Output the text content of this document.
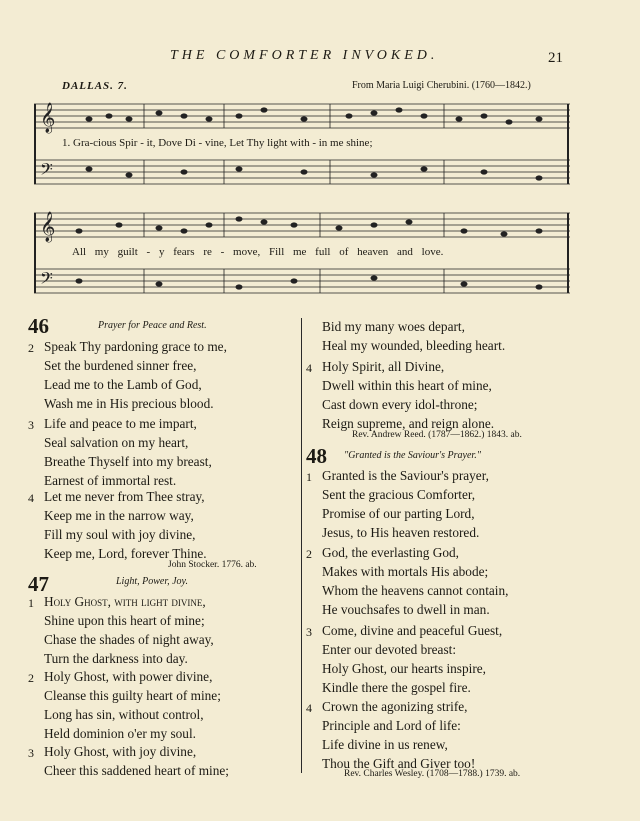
THE COMFORTER INVOKED.	21
DALLAS. 7.	From Maria Luigi Cherubini. (1760—1842.)
𝄞
𝄢
1. Gra-cious Spir - it, Dove Di - vine, Let Thy light with - in me shine;
𝄞
𝄢
All my guilt - y fears re - move, Fill me full of heaven and love.
46	Prayer for Peace and Rest.
2 Speak Thy pardoning grace to me,
Set the burdened sinner free,
Lead me to the Lamb of God,
Wash me in His precious blood.
3 Life and peace to me impart,
Seal salvation on my heart,
Breathe Thyself into my breast,
Earnest of immortal rest.
4 Let me never from Thee stray,
Keep me in the narrow way,
Fill my soul with joy divine,
Keep me, Lord, forever Thine.
John Stocker. 1776. ab.
47	Light, Power, Joy.
1 Holy Ghost, with light divine,
Shine upon this heart of mine;
Chase the shades of night away,
Turn the darkness into day.
2 Holy Ghost, with power divine,
Cleanse this guilty heart of mine;
Long has sin, without control,
Held dominion o'er my soul.
3 Holy Ghost, with joy divine,
Cheer this saddened heart of mine;
Bid my many woes depart,
Heal my wounded, bleeding heart.
4 Holy Spirit, all Divine,
Dwell within this heart of mine,
Cast down every idol-throne;
Reign supreme, and reign alone.
Rev. Andrew Reed. (1787—1862.) 1843. ab.
48 "Granted is the Saviour's Prayer."
1 Granted is the Saviour's prayer,
Sent the gracious Comforter,
Promise of our parting Lord,
Jesus, to His heaven restored.
2 God, the everlasting God,
Makes with mortals His abode;
Whom the heavens cannot contain,
He vouchsafes to dwell in man.
3 Come, divine and peaceful Guest,
Enter our devoted breast:
Holy Ghost, our hearts inspire,
Kindle there the gospel fire.
4 Crown the agonizing strife,
Principle and Lord of life:
Life divine in us renew,
Thou the Gift and Giver too!
Rev. Charles Wesley. (1708—1788.) 1739. ab.
